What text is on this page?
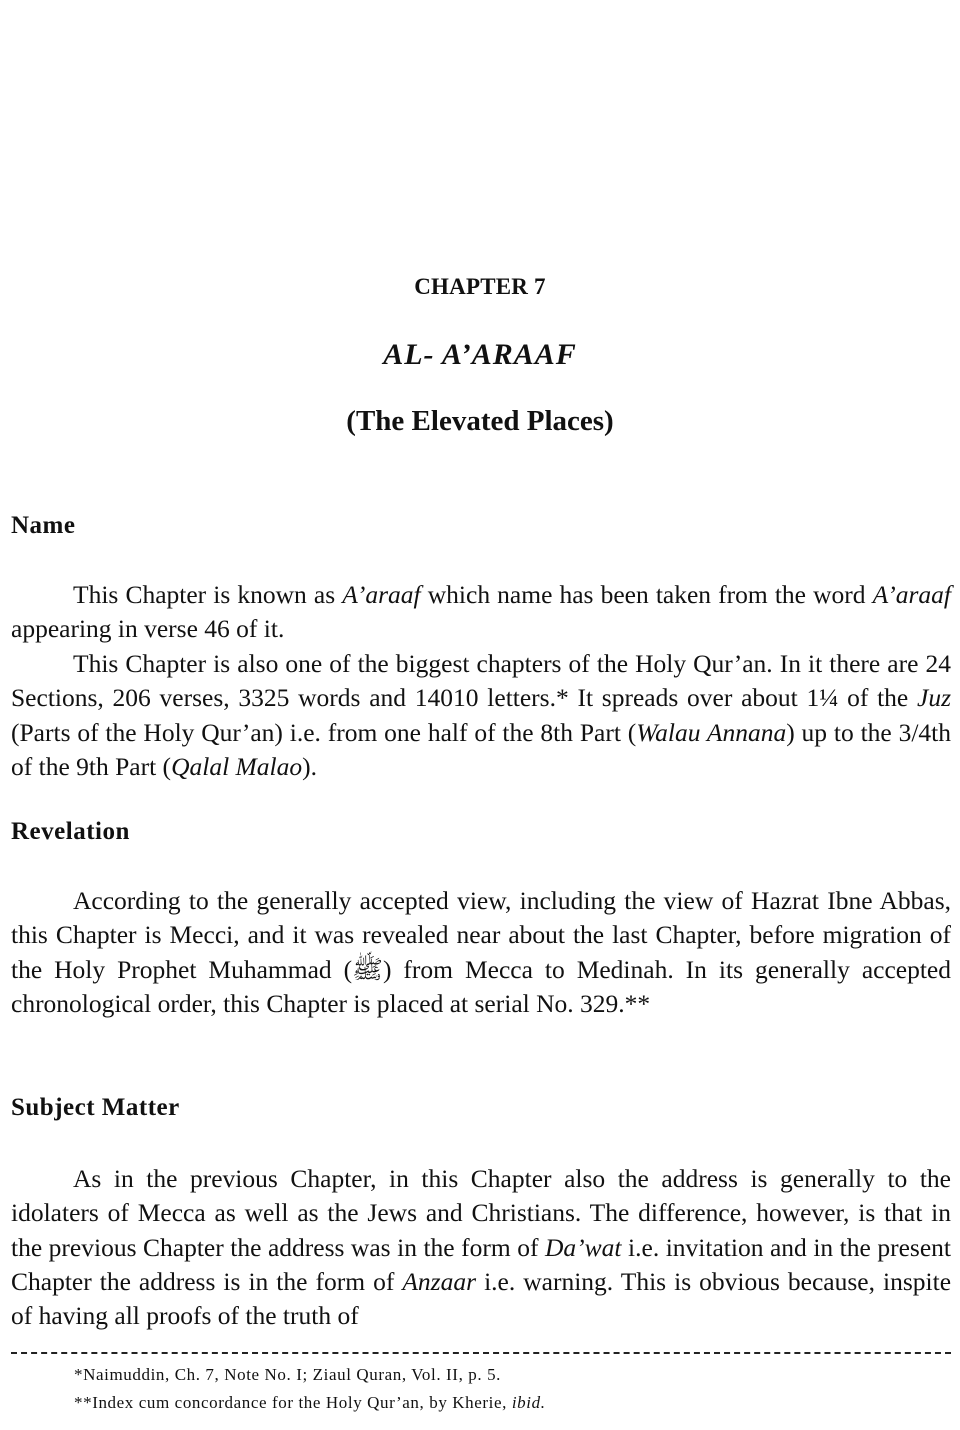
CHAPTER 7
AL- A’ARAAF
(The Elevated Places)
Name

This Chapter is known as A’araaf which name has been taken from the word A’araaf appearing in verse 46 of it.

This Chapter is also one of the biggest chapters of the Holy Qur’an. In it there are 24 Sections, 206 verses, 3325 words and 14010 letters.* It spreads over about 1¼ of the Juz (Parts of the Holy Qur’an) i.e. from one half of the 8th Part (Walau Annana) up to the 3/4th of the 9th Part (Qalal Malao).

Revelation

According to the generally accepted view, including the view of Hazrat Ibne Abbas, this Chapter is Mecci, and it was revealed near about the last Chapter, before migration of the Holy Prophet Muhammad (ﷺ) from Mecca to Medinah. In its generally accepted chronological order, this Chapter is placed at serial No. 329.**

Subject Matter

As in the previous Chapter, in this Chapter also the address is generally to the idolaters of Mecca as well as the Jews and Christians. The difference, however, is that in the previous Chapter the address was in the form of Da’wat i.e. invitation and in the present Chapter the address is in the form of Anzaar i.e. warning. This is obvious because, inspite of having all proofs of the truth of

*Naimuddin, Ch. 7, Note No. I; Ziaul Quran, Vol. II, p. 5.
**Index cum concordance for the Holy Qur’an, by Kherie, ibid.
